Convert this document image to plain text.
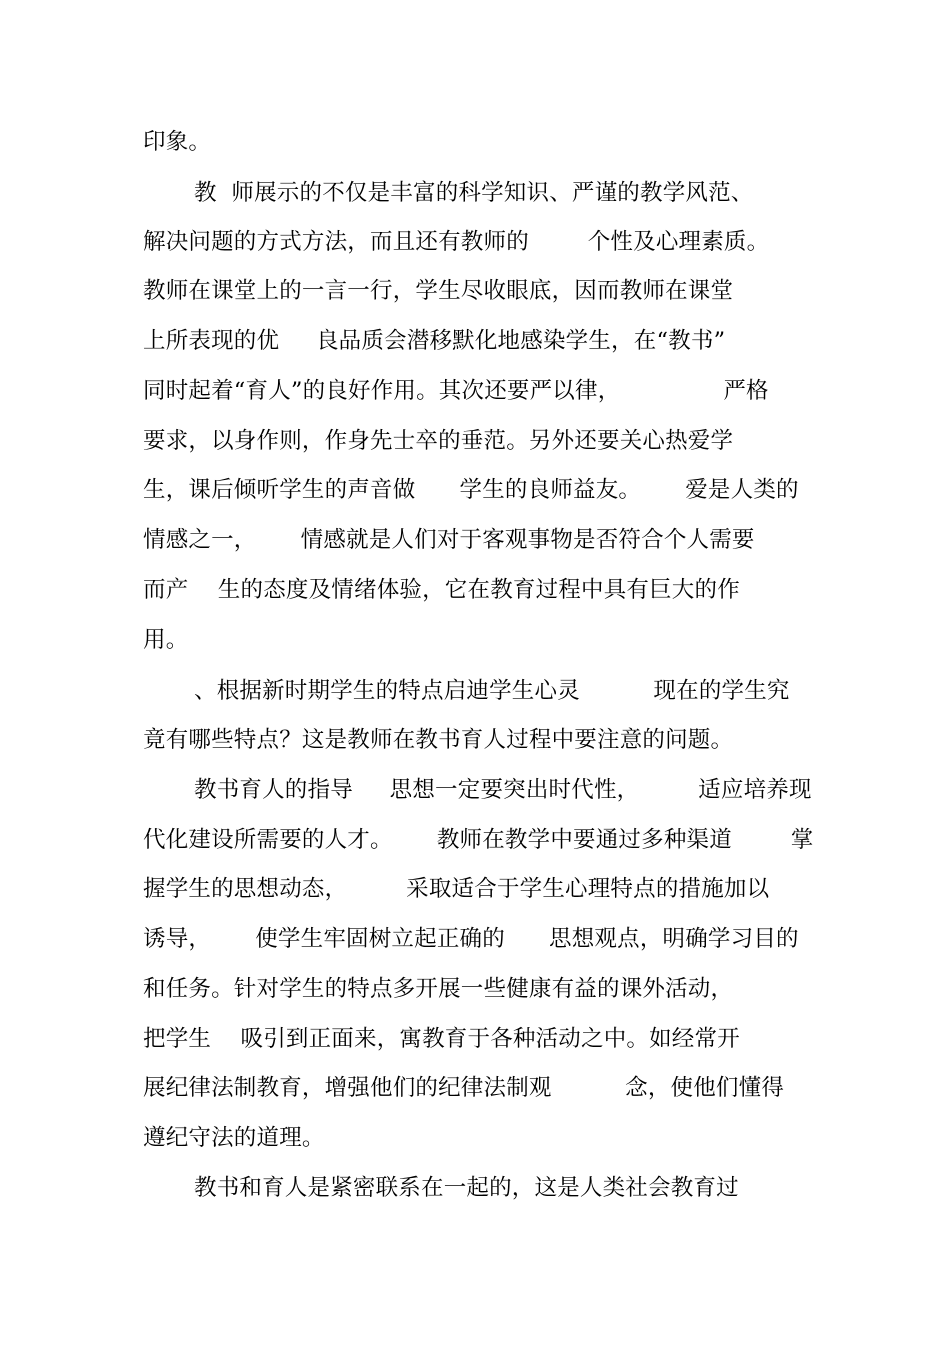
印象。
教  师展示的不仅是丰富的科学知识、严谨的教学风范、
解决问题的方式方法，而且还有教师的        个性及心理素质。
教师在课堂上的一言一行，学生尽收眼底，因而教师在课堂
上所表现的优     良品质会潜移默化地感染学生，在“教书”
同时起着“育人”的良好作用。其次还要严以律，              严格
要求，以身作则，作身先士卒的垂范。另外还要关心热爱学
生，课后倾听学生的声音做      学生的良师益友。      爱是人类的
情感之一，      情感就是人们对于客观事物是否符合个人需要
而产    生的态度及情绪体验，它在教育过程中具有巨大的作
用。
、根据新时期学生的特点启迪学生心灵          现在的学生究
竟有哪些特点？这是教师在教书育人过程中要注意的问题。
教书育人的指导     思想一定要突出时代性，        适应培养现
代化建设所需要的人才。      教师在教学中要通过多种渠道        掌
握学生的思想动态，        采取适合于学生心理特点的措施加以
诱导，      使学生牢固树立起正确的      思想观点，明确学习目的
和任务。针对学生的特点多开展一些健康有益的课外活动，
把学生    吸引到正面来，寓教育于各种活动之中。如经常开
展纪律法制教育，增强他们的纪律法制观          念，使他们懂得
遵纪守法的道理。
教书和育人是紧密联系在一起的，这是人类社会教育过
